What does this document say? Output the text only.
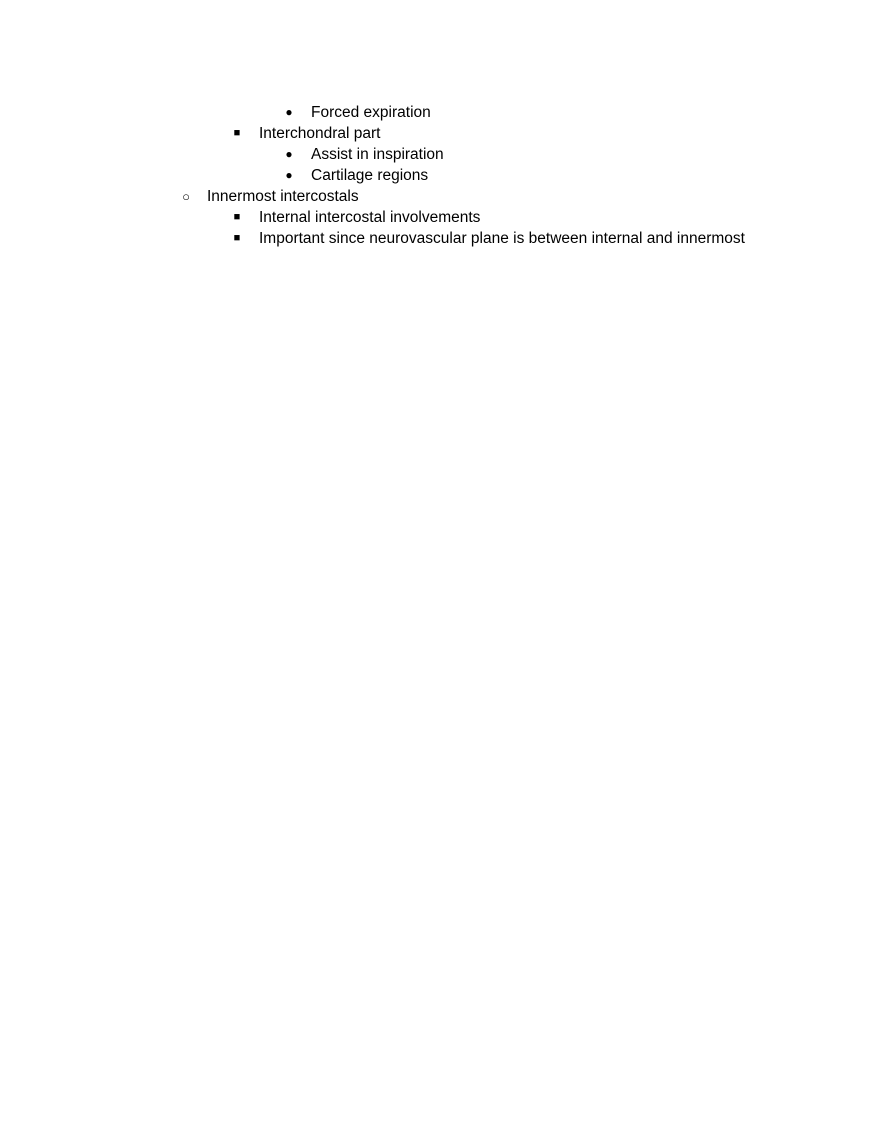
● Forced expiration
■ Interchondral part
● Assist in inspiration
● Cartilage regions
○ Innermost intercostals
■ Internal intercostal involvements
■ Important since neurovascular plane is between internal and innermost
